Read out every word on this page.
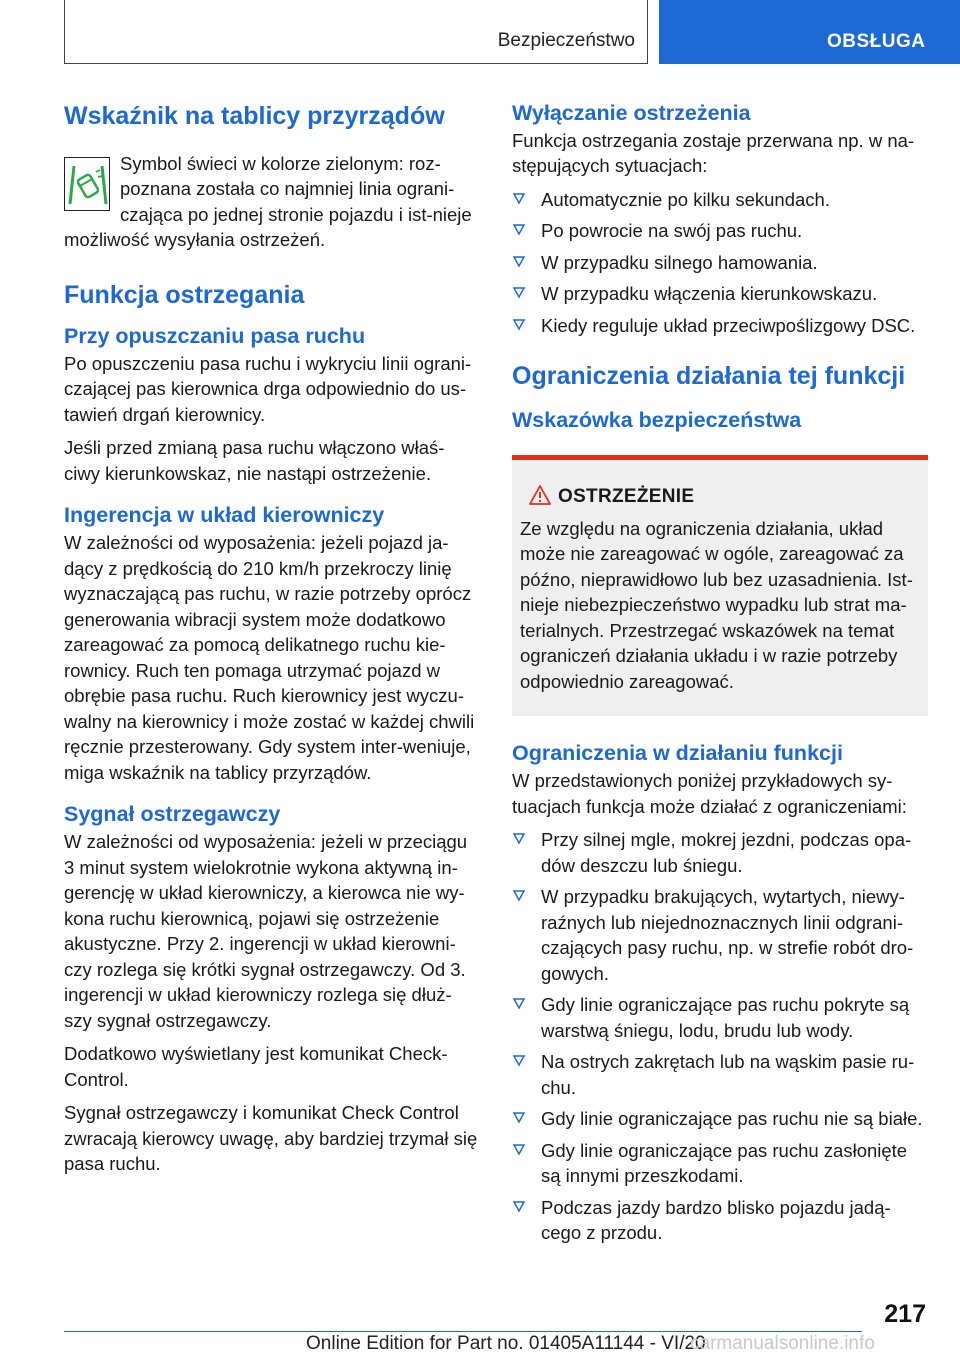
Bezpieczeństwo	OBSŁUGA
Wskaźnik na tablicy przyrządów

Symbol świeci w kolorze zielonym: roz-poznana została co najmniej linia ograni-czająca po jednej stronie pojazdu i ist-nieje możliwość wysyłania ostrzeżeń.

Funkcja ostrzegania
Przy opuszczaniu pasa ruchu

Po opuszczeniu pasa ruchu i wykryciu linii ograni-czającej pas kierownica drga odpowiednio do us-tawień drgań kierownicy.

Jeśli przed zmianą pasa ruchu włączono właś-ciwy kierunkowskaz, nie nastąpi ostrzeżenie.

Ingerencja w układ kierowniczy

W zależności od wyposażenia: jeżeli pojazd ja-dący z prędkością do 210 km/h przekroczy linię wyznaczającą pas ruchu, w razie potrzeby oprócz generowania wibracji system może dodatkowo zareagować za pomocą delikatnego ruchu kie-rownicy. Ruch ten pomaga utrzymać pojazd w obrębie pasa ruchu. Ruch kierownicy jest wyczu-walny na kierownicy i może zostać w każdej chwili ręcznie przesterowany. Gdy system inter-weniuje, miga wskaźnik na tablicy przyrządów.

Sygnał ostrzegawczy

W zależności od wyposażenia: jeżeli w przeciągu 3 minut system wielokrotnie wykona aktywną in-gerencję w układ kierowniczy, a kierowca nie wy-kona ruchu kierownicą, pojawi się ostrzeżenie akustyczne. Przy 2. ingerencji w układ kierowni-czy rozlega się krótki sygnał ostrzegawczy. Od 3. ingerencji w układ kierowniczy rozlega się dłuż-szy sygnał ostrzegawczy.

Dodatkowo wyświetlany jest komunikat Check-Control.

Sygnał ostrzegawczy i komunikat Check Control zwracają kierowcy uwagę, aby bardziej trzymał się pasa ruchu.

Wyłączanie ostrzeżenia

Funkcja ostrzegania zostaje przerwana np. w na-stępujących sytuacjach:

Automatycznie po kilku sekundach.
Po powrocie na swój pas ruchu.
W przypadku silnego hamowania.
W przypadku włączenia kierunkowskazu.
Kiedy reguluje układ przeciwpoślizgowy DSC.
Ograniczenia działania tej funkcji
Wskazówka bezpieczeństwa
OSTRZEŻENIE

Ze względu na ograniczenia działania, układ może nie zareagować w ogóle, zareagować za późno, nieprawidłowo lub bez uzasadnienia. Ist-nieje niebezpieczeństwo wypadku lub strat ma-terialnych. Przestrzegać wskazówek na temat ograniczeń działania układu i w razie potrzeby odpowiednio zareagować.

Ograniczenia w działaniu funkcji

W przedstawionych poniżej przykładowych sy-tuacjach funkcja może działać z ograniczeniami:

Przy silnej mgle, mokrej jezdni, podczas opa-dów deszczu lub śniegu.
W przypadku brakujących, wytartych, niewy-raźnych lub niejednoznacznych linii odgrani-czających pasy ruchu, np. w strefie robót dro-gowych.
Gdy linie ograniczające pas ruchu pokryte są warstwą śniegu, lodu, brudu lub wody.
Na ostrych zakrętach lub na wąskim pasie ru-chu.
Gdy linie ograniczające pas ruchu nie są białe.
Gdy linie ograniczające pas ruchu zasłonięte są innymi przeszkodami.
Podczas jazdy bardzo blisko pojazdu jadą-cego z przodu.
217
Online Edition for Part no. 01405A11144 - VI/20
carmanualsonline.info
